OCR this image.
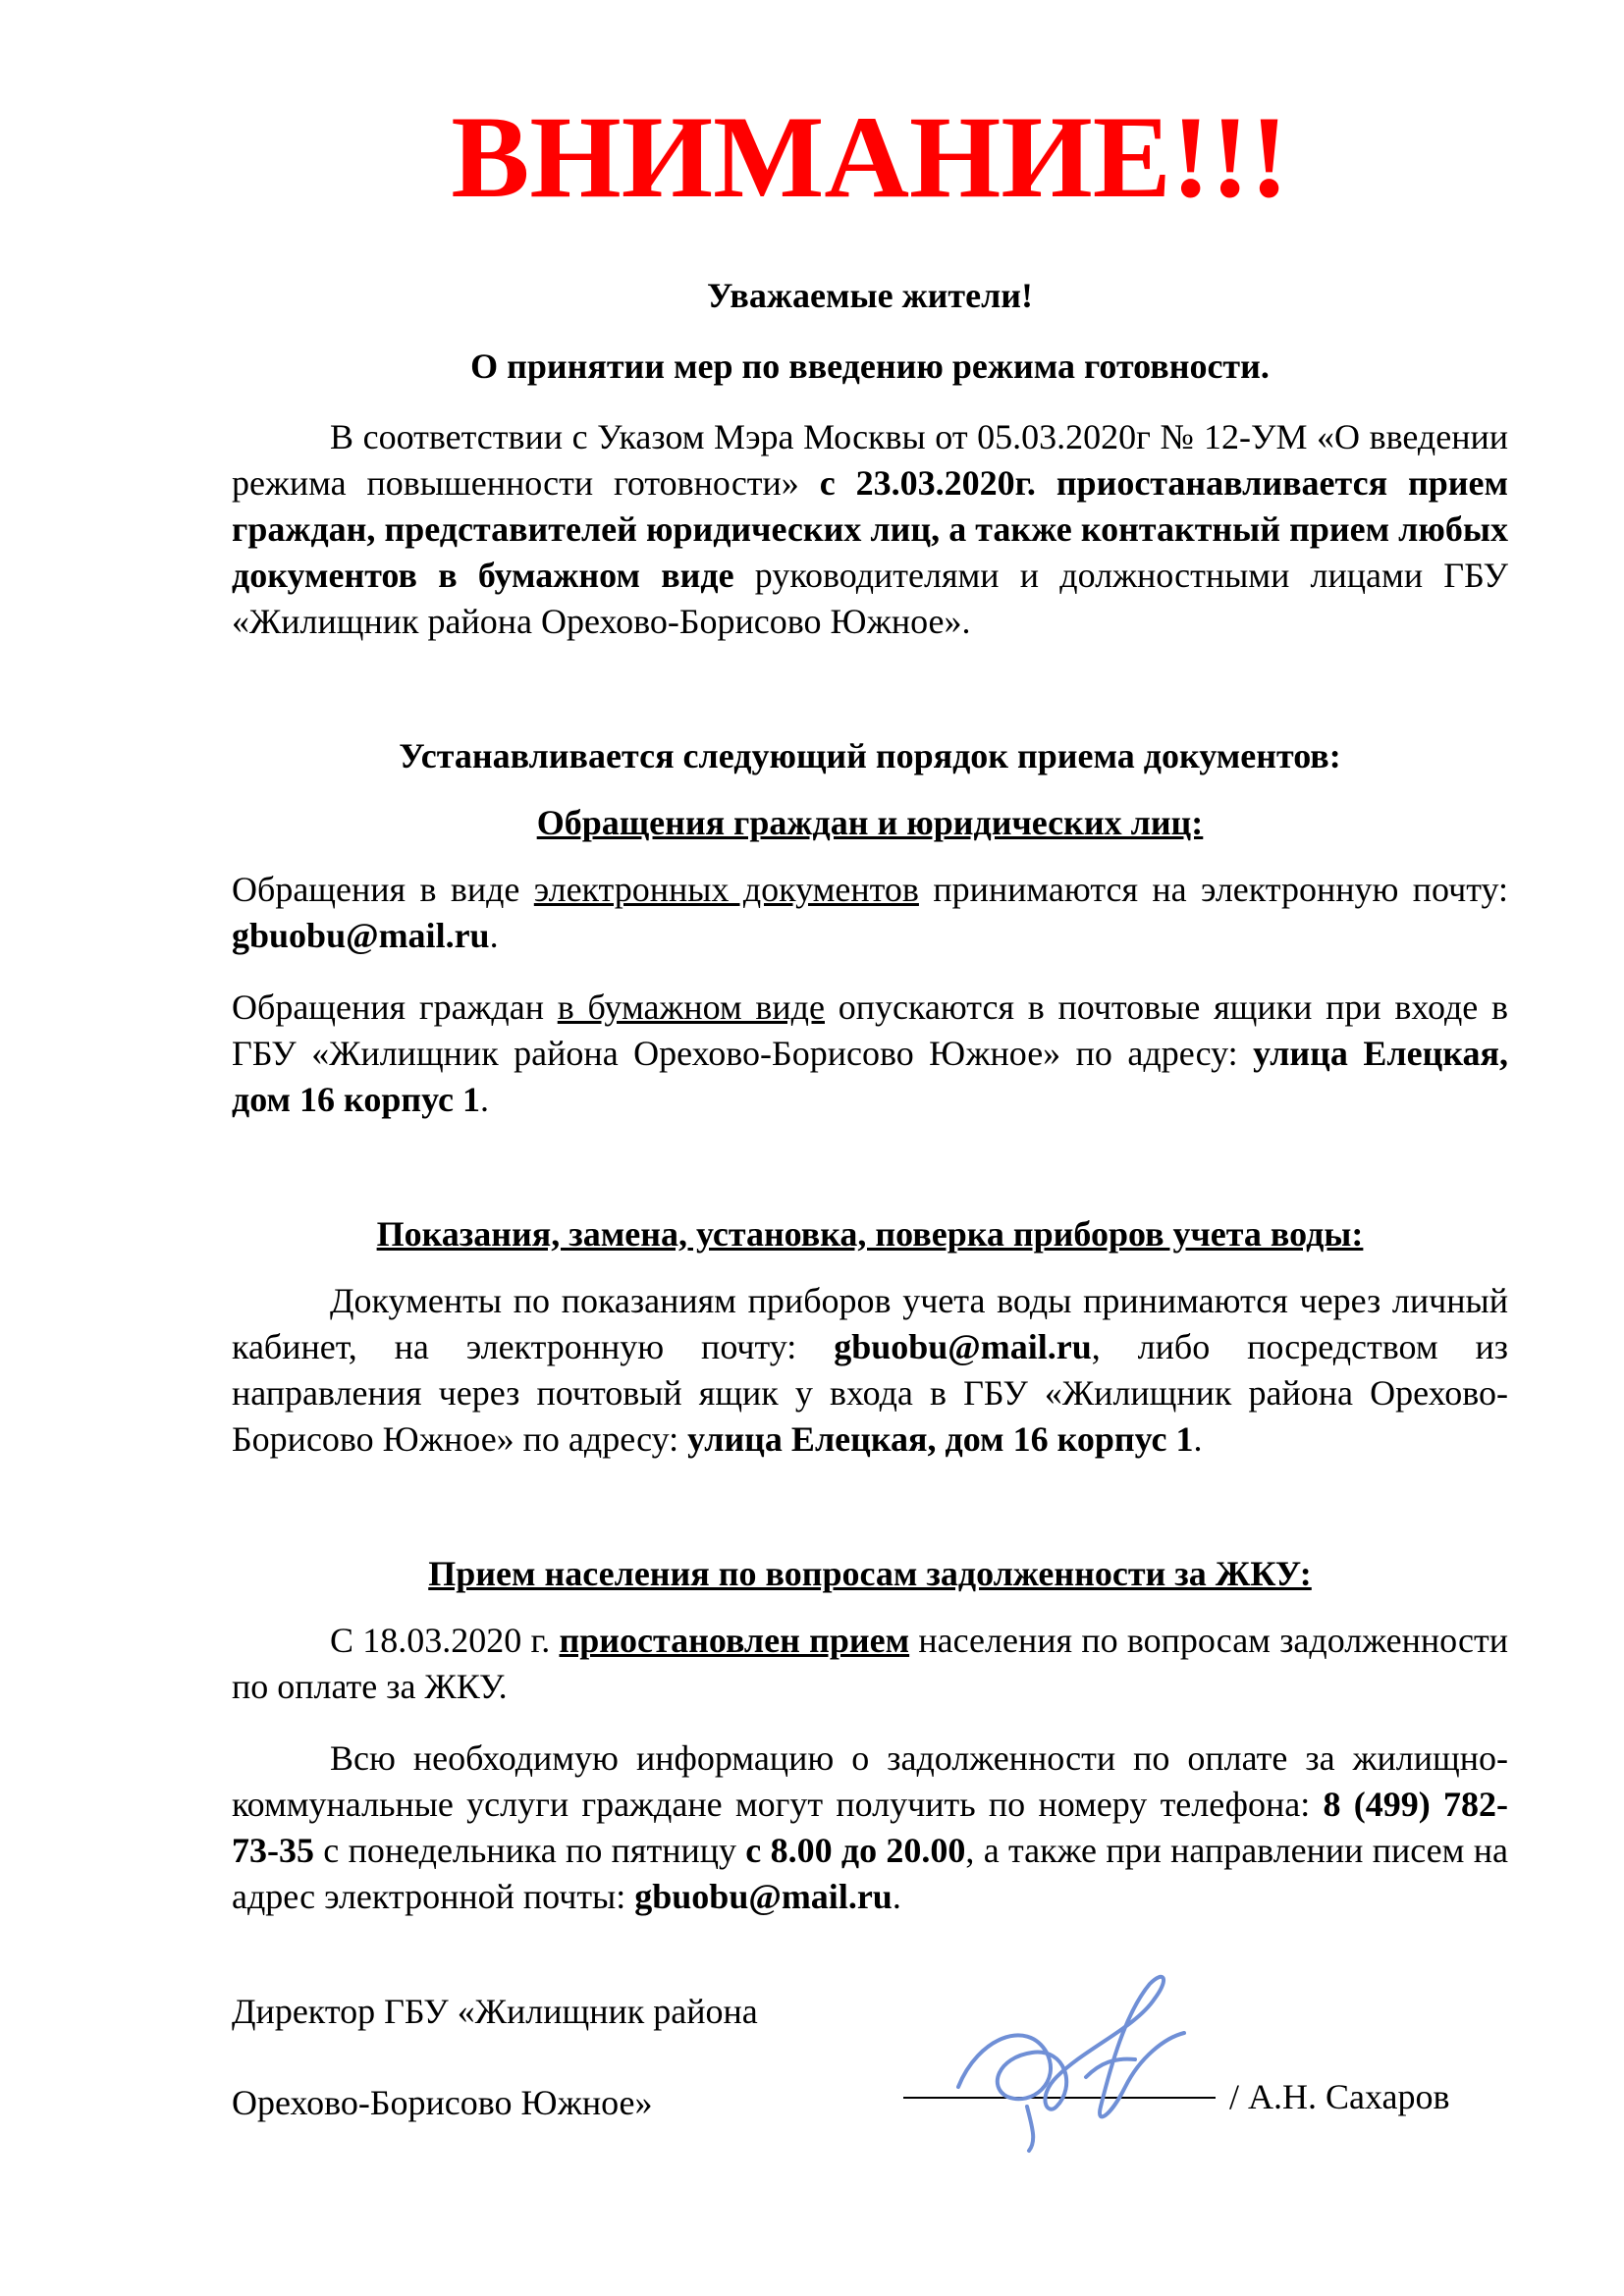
ВНИМАНИЕ!!!

Уважаемые жители!

О принятии мер по введению режима готовности.

В соответствии с Указом Мэра Москвы от 05.03.2020г № 12-УМ «О введении режима повышенности готовности» с 23.03.2020г. приостанавливается прием граждан, представителей юридических лиц, а также контактный прием любых документов в бумажном виде руководителями и должностными лицами ГБУ «Жилищник района Орехово-Борисово Южное».

Устанавливается следующий порядок приема документов:

Обращения граждан и юридических лиц:

Обращения в виде электронных документов принимаются на электронную почту: gbuobu@mail.ru.

Обращения граждан в бумажном виде опускаются в почтовые ящики при входе в ГБУ «Жилищник района Орехово-Борисово Южное» по адресу: улица Елецкая, дом 16 корпус 1.

Показания, замена, установка, поверка приборов учета воды:

Документы по показаниям приборов учета воды принимаются через личный кабинет, на электронную почту: gbuobu@mail.ru, либо посредством из направления через почтовый ящик у входа в ГБУ «Жилищник района Орехово-Борисово Южное» по адресу: улица Елецкая, дом 16 корпус 1.

Прием населения по вопросам задолженности за ЖКУ:

С 18.03.2020 г. приостановлен прием населения по вопросам задолженности по оплате за ЖКУ.

Всю необходимую информацию о задолженности по оплате за жилищно-коммунальные услуги граждане могут получить по номеру телефона: 8 (499) 782-73-35 с понедельника по пятницу с 8.00 до 20.00, а также при направлении писем на адрес электронной почты: gbuobu@mail.ru.

Директор ГБУ «Жилищник района
Орехово-Борисово Южное»	/ А.Н. Сахаров
